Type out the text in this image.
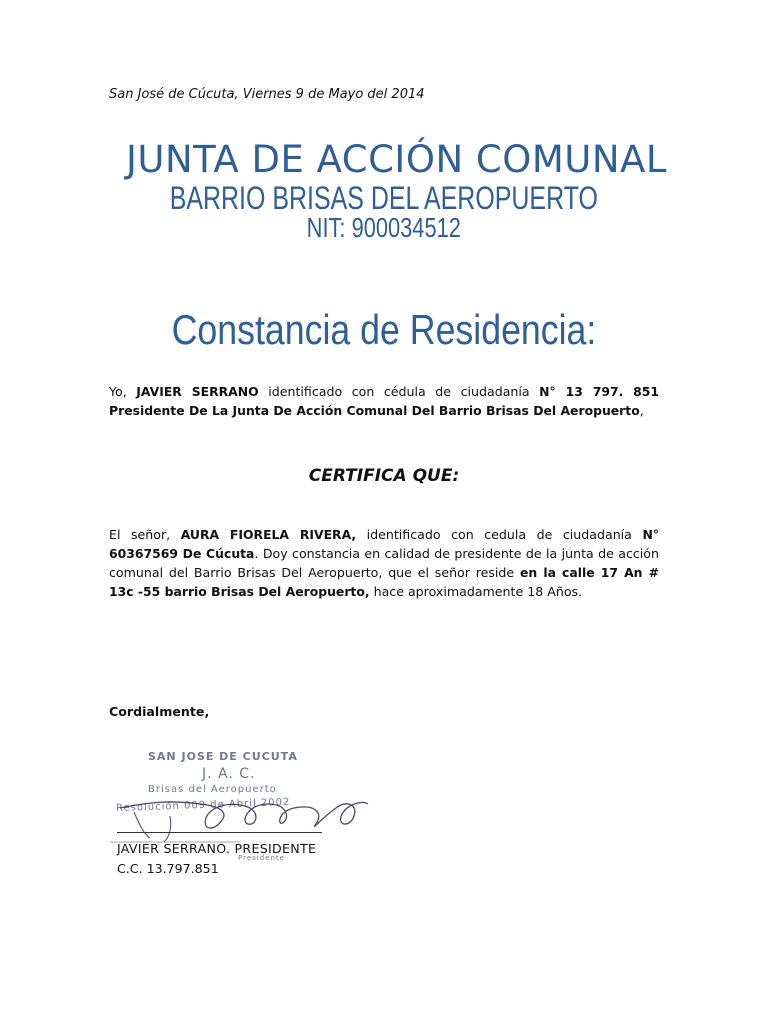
San José de Cúcuta, Viernes 9 de Mayo del 2014
JUNTA DE ACCIÓN COMUNAL
BARRIO BRISAS DEL AEROPUERTO
NIT: 900034512
Constancia de Residencia:
Yo, JAVIER SERRANO identificado con cédula de ciudadanía N° 13 797. 851 Presidente De La Junta De Acción Comunal Del Barrio Brisas Del Aeropuerto,
CERTIFICA QUE:
El señor, AURA FIORELA RIVERA, identificado con cedula de ciudadanía N° 60367569 De Cúcuta. Doy constancia en calidad de presidente de la junta de acción comunal del Barrio Brisas Del Aeropuerto, que el señor reside en la calle 17 An # 13c -55 barrio Brisas Del Aeropuerto, hace aproximadamente 18 Años.
Cordialmente,
SAN JOSE DE CUCUTA
J. A. C.
Brisas del Aeropuerto
Resolución 009 de Abril 2002
Presidente
JAVIER SERRANO. PRESIDENTE
C.C. 13.797.851
